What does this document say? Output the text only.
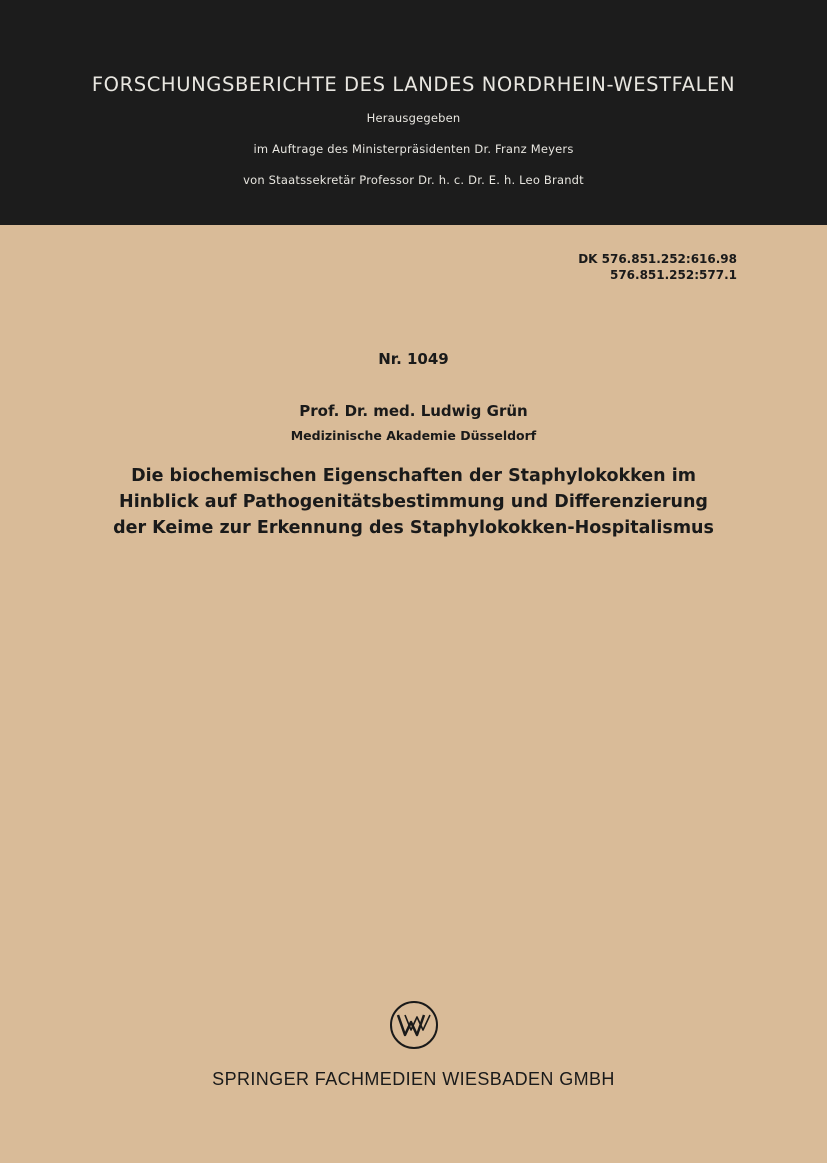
FORSCHUNGSBERICHTE DES LANDES NORDRHEIN-WESTFALEN
Herausgegeben
im Auftrage des Ministerpräsidenten Dr. Franz Meyers
von Staatssekretär Professor Dr. h. c. Dr. E. h. Leo Brandt
DK 576.851.252:616.98
576.851.252:577.1
Nr. 1049
Prof. Dr. med. Ludwig Grün
Medizinische Akademie Düsseldorf
Die biochemischen Eigenschaften der Staphylokokken im
Hinblick auf Pathogenitätsbestimmung und Differenzierung
der Keime zur Erkennung des Staphylokokken-Hospitalismus
SPRINGER FACHMEDIEN WIESBADEN GMBH
